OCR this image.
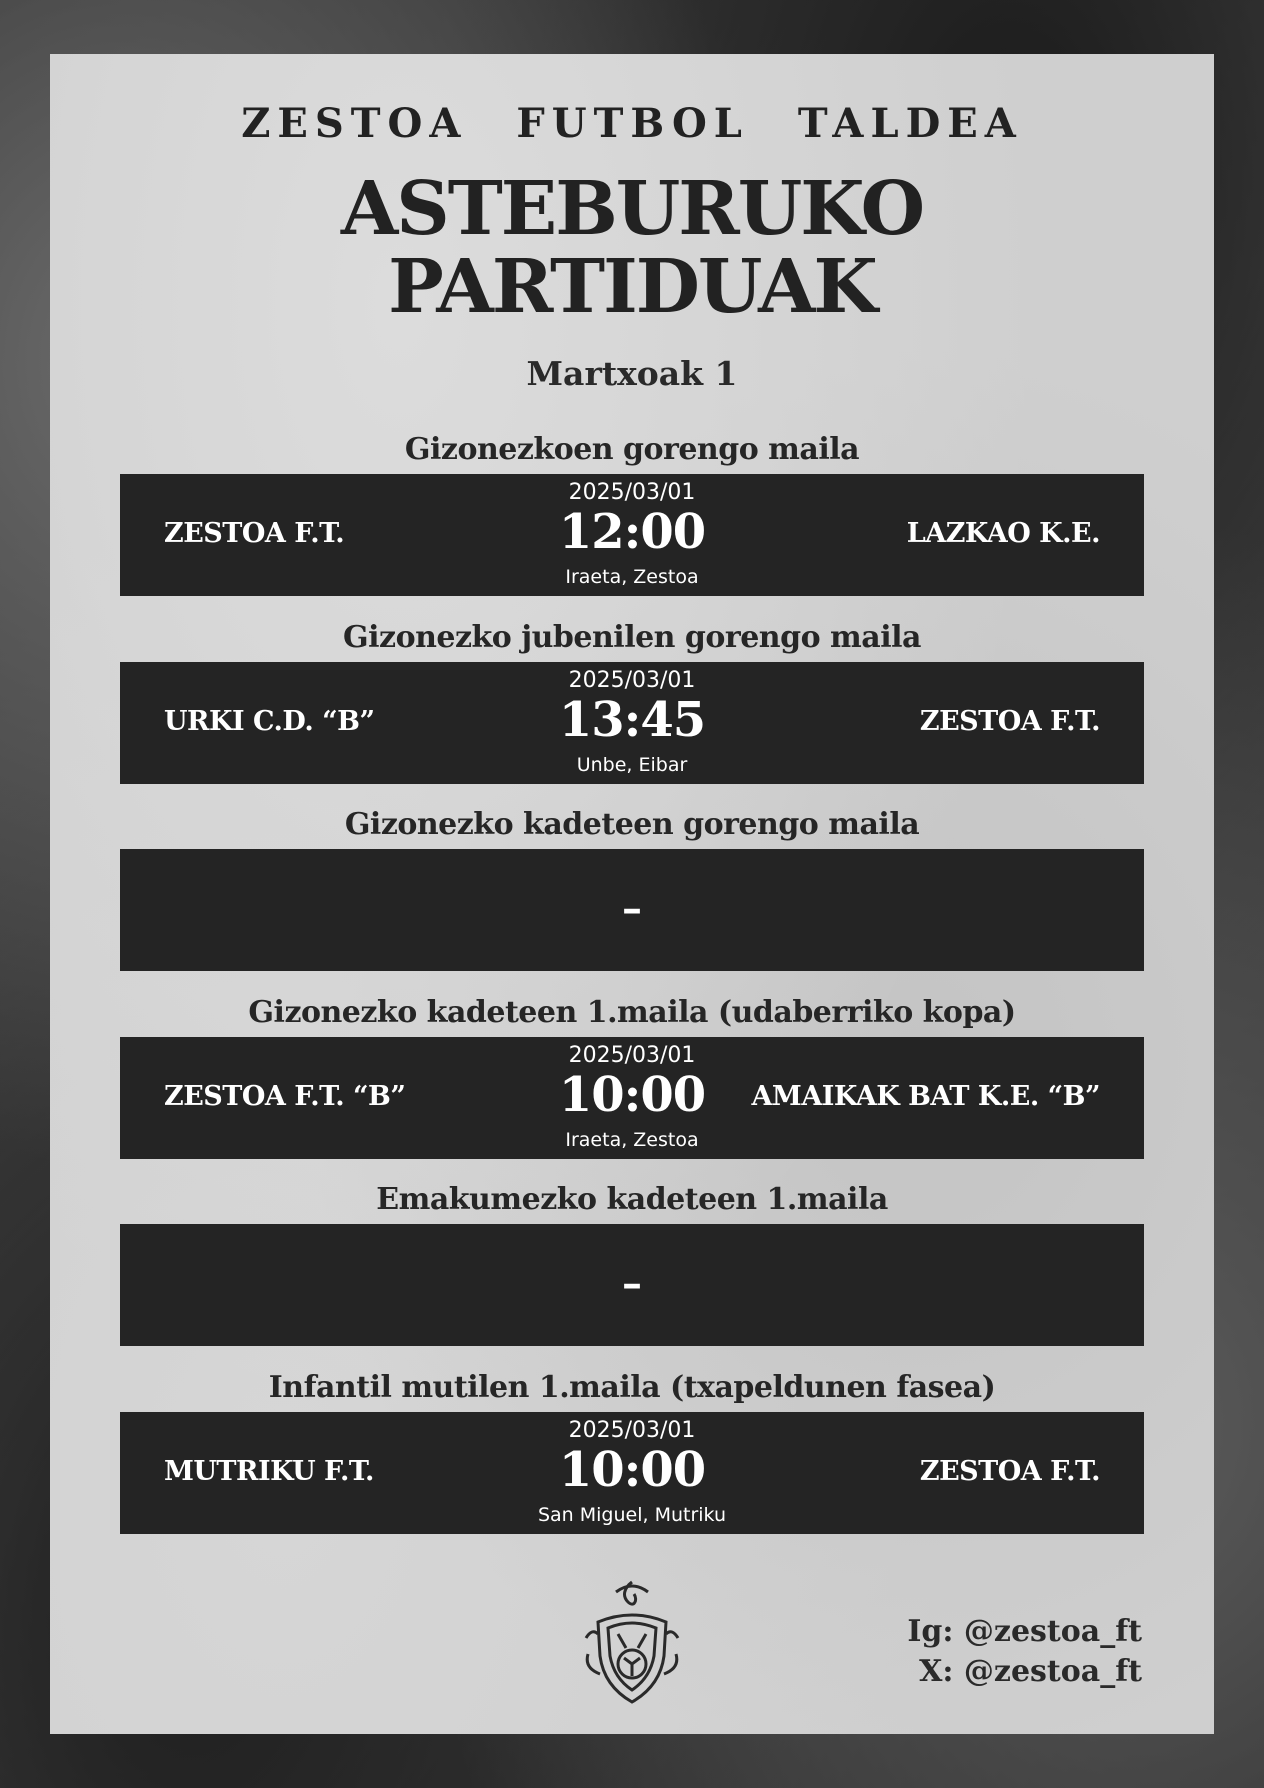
ZESTOA FUTBOL TALDEA
ASTEBURUKO
PARTIDUAK
Martxoak 1
Gizonezkoen gorengo maila
ZESTOA F.T.
2025/03/01
12:00
Iraeta, Zestoa
LAZKAO K.E.
Gizonezko jubenilen gorengo maila
URKI C.D. “B”
2025/03/01
13:45
Unbe, Eibar
ZESTOA F.T.
Gizonezko kadeteen gorengo maila
–
Gizonezko kadeteen 1.maila (udaberriko kopa)
ZESTOA F.T. “B”
2025/03/01
10:00
Iraeta, Zestoa
AMAIKAK BAT K.E. “B”
Emakumezko kadeteen 1.maila
–
Infantil mutilen 1.maila (txapeldunen fasea)
MUTRIKU F.T.
2025/03/01
10:00
San Miguel, Mutriku
ZESTOA F.T.
Ig: @zestoa_ft
X: @zestoa_ft
